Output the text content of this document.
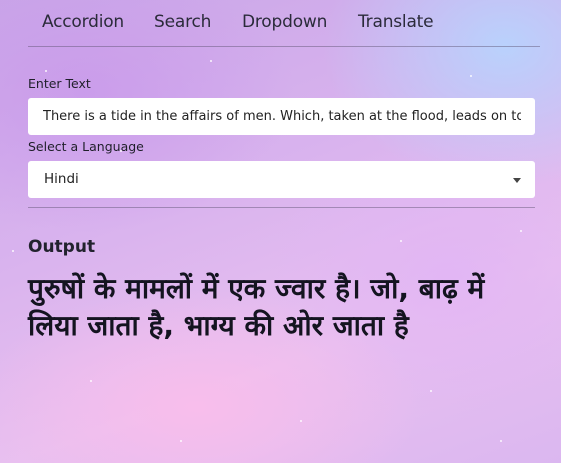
Accordion Search Dropdown Translate
Enter Text
There is a tide in the affairs of men. Which, taken at the flood, leads on to fortune
Select a Language
Hindi
Output
पुरुषों के मामलों में एक ज्वार है। जो, बाढ़ में लिया जाता है, भाग्य की ओर जाता है
